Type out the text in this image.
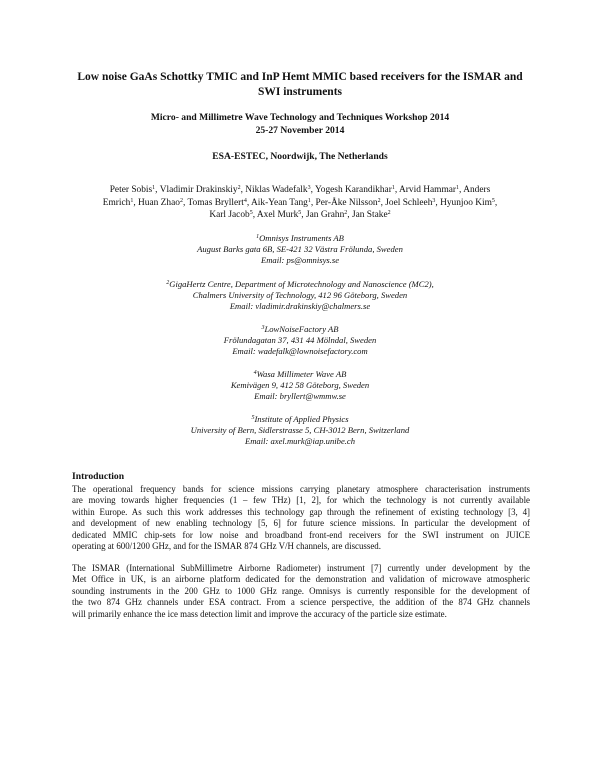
Low noise GaAs Schottky TMIC and InP Hemt MMIC based receivers for the ISMAR and
SWI instruments
Micro- and Millimetre Wave Technology and Techniques Workshop 2014
25-27 November 2014
ESA-ESTEC, Noordwijk, The Netherlands
Peter Sobis$^1$, Vladimir Drakinskiy$^2$, Niklas Wadefalk$^3$, Yogesh Karandikhar$^1$, Arvid Hammar$^1$, Anders
Emrich$^1$, Huan Zhao$^2$, Tomas Bryllert$^4$, Aik-Yean Tang$^1$, Per-Åke Nilsson$^2$, Joel Schleeh$^3$, Hyunjoo Kim$^5$,
Karl Jacob$^5$, Axel Murk$^5$, Jan Grahn$^2$, Jan Stake$^2$
$^1$Omnisys Instruments AB
August Barks gata 6B, SE-421 32 Västra Frölunda, Sweden
Email: ps@omnisys.se
$^2$GigaHertz Centre, Department of Microtechnology and Nanoscience (MC2),
Chalmers University of Technology, 412 96 Göteborg, Sweden
Email: vladimir.drakinskiy@chalmers.se
$^3$LowNoiseFactory AB
Frölundagatan 37, 431 44 Mölndal, Sweden
Email: wadefalk@lownoisefactory.com
$^4$Wasa Millimeter Wave AB
Kemivägen 9, 412 58 Göteborg, Sweden
Email: bryllert@wmmw.se
$^5$Institute of Applied Physics
University of Bern, Sidlerstrasse 5, CH-3012 Bern, Switzerland
Email: axel.murk@iap.unibe.ch
Introduction
The operational frequency bands for science missions carrying planetary atmosphere characterisation instruments
are moving towards higher frequencies (1 – few THz) [1, 2], for which the technology is not currently available
within Europe. As such this work addresses this technology gap through the refinement of existing technology [3, 4]
and development of new enabling technology [5, 6] for future science missions. In particular the development of
dedicated MMIC chip-sets for low noise and broadband front-end receivers for the SWI instrument on JUICE
operating at 600/1200 GHz, and for the ISMAR 874 GHz V/H channels, are discussed.
The ISMAR (International SubMillimetre Airborne Radiometer) instrument [7] currently under development by the
Met Office in UK, is an airborne platform dedicated for the demonstration and validation of microwave atmospheric
sounding instruments in the 200 GHz to 1000 GHz range. Omnisys is currently responsible for the development of
the two 874 GHz channels under ESA contract. From a science perspective, the addition of the 874 GHz channels
will primarily enhance the ice mass detection limit and improve the accuracy of the particle size estimate.
